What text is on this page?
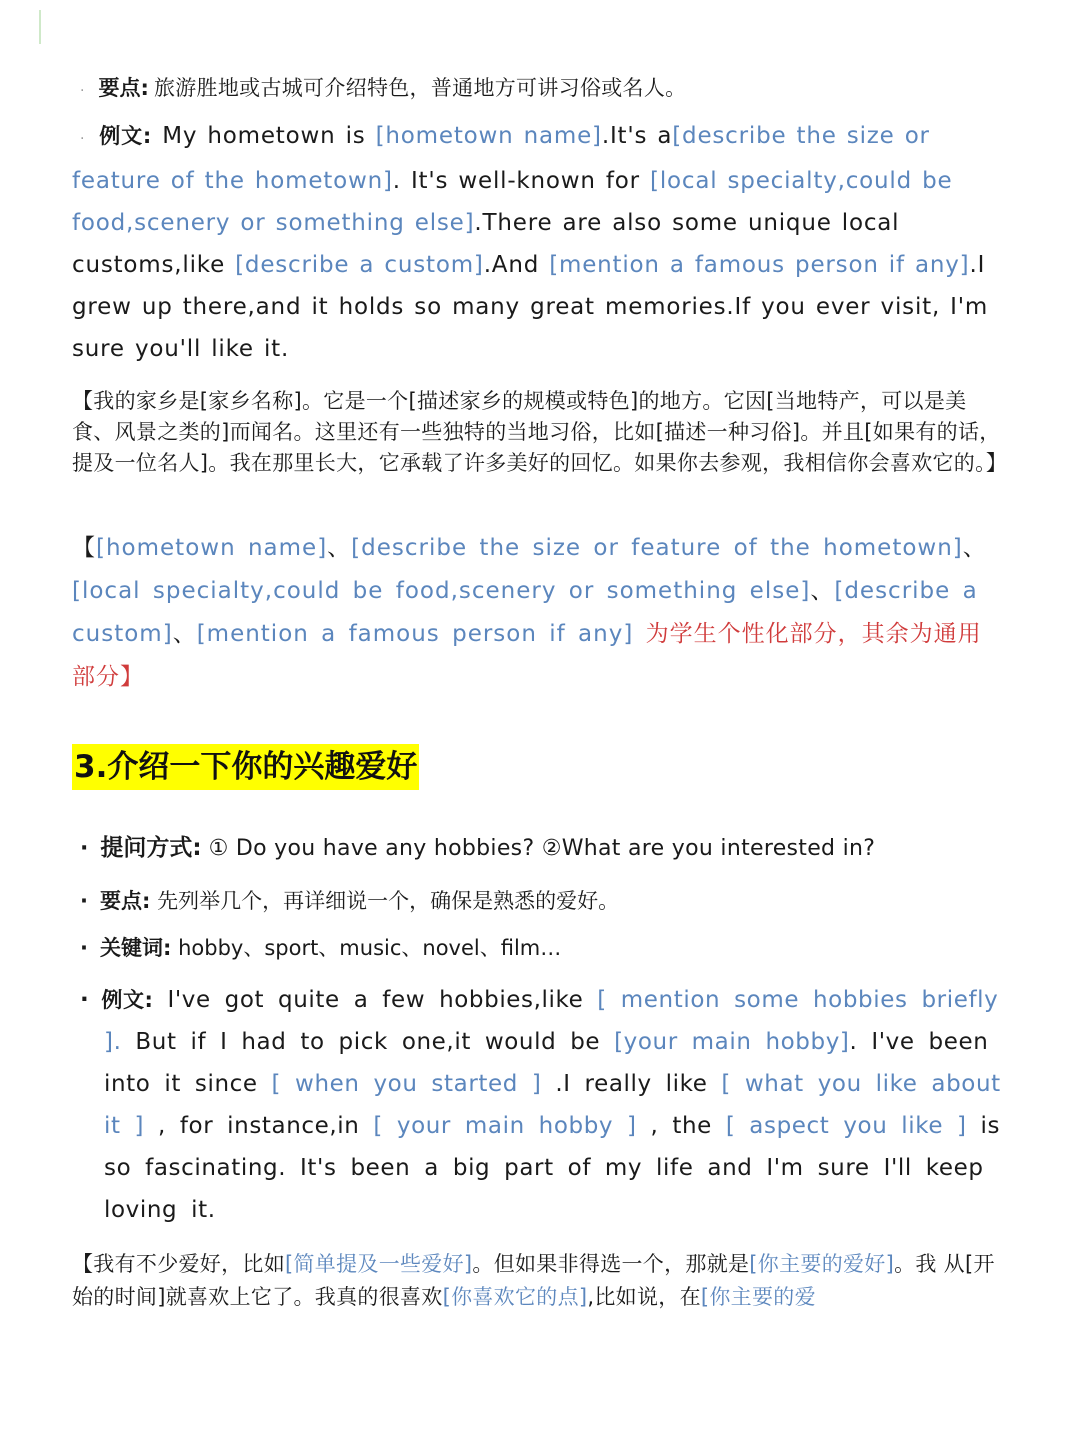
· 要点: 旅游胜地或古城可介绍特色，普通地方可讲习俗或名人。
· 例文: My hometown is [hometown name].It's a[describe the size or feature of the hometown]. It's well-known for [local specialty,could be food,scenery or something else].There are also some unique local customs,like [describe a custom].And [mention a famous person if any].I grew up there,and it holds so many great memories.If you ever visit, I'm sure you'll like it.
【我的家乡是[家乡名称]。它是一个[描述家乡的规模或特色]的地方。它因[当地特产，可以是美食、风景之类的]而闻名。这里还有一些独特的当地习俗，比如[描述一种习俗]。并且[如果有的话，提及一位名人]。我在那里长大，它承载了许多美好的回忆。如果你去参观，我相信你会喜欢它的。】
【[hometown name]、[describe the size or feature of the hometown]、[local specialty,could be food,scenery or something else]、[describe a custom]、[mention a famous person if any] 为学生个性化部分，其余为通用部分】
3.介绍一下你的兴趣爱好
· 提问方式: ① Do you have any hobbies? ②What are you interested in?
· 要点: 先列举几个，再详细说一个，确保是熟悉的爱好。
· 关键词: hobby、sport、music、novel、film…
· 例文: I've got quite a few hobbies,like [ mention some hobbies briefly ]. But if I had to pick one,it would be [your main hobby]. I've been into it since [ when you started ] .I really like [ what you like about it ] , for instance,in [ your main hobby ] , the [ aspect you like ] is so fascinating. It's been a big part of my life and I'm sure I'll keep loving it.
【我有不少爱好，比如[简单提及一些爱好]。但如果非得选一个，那就是[你主要的爱好]。我 从[开始的时间]就喜欢上它了。我真的很喜欢[你喜欢它的点],比如说，在[你主要的爱
